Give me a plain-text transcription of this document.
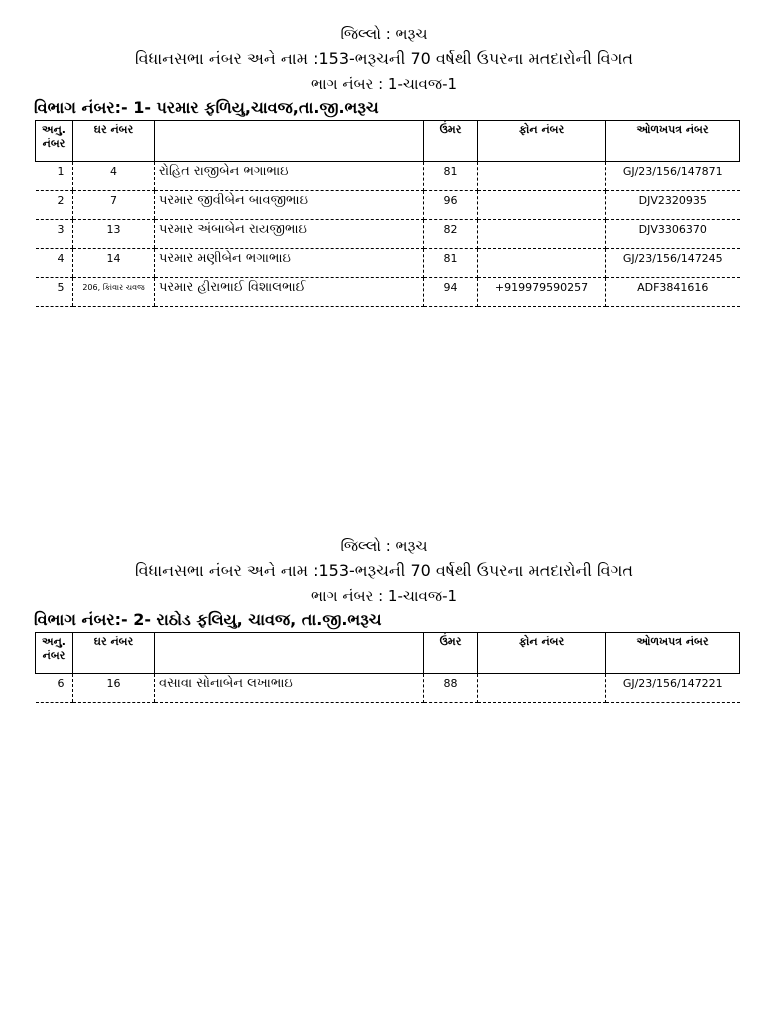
જિલ્લો : ભરૂચ
વિધાનસભા નંબર અને નામ :153-ભરૂચની 70 વર્ષથી ઉપરના મતદારોની વિગત
ભાગ નંબર : 1-ચાવજ-1
વિભાગ નંબર:- 1- પરમાર ફળિયુ,ચાવજ,તા.જી.ભરૂચ
અનુ. નંબર	ઘર નંબર		ઉંમર	ફોન નંબર	ઓળખપત્ર નંબર
1	4	રોહિત રાજીબેન ભગાભાઇ	81		GJ/23/156/147871
2	7	પરમાર જીવીબેન બાવજીભાઇ	96		DJV2320935
3	13	પરમાર અંબાબેન રાયજીભાઇ	82		DJV3306370
4	14	પરમાર મણીબેન ભગાભાઇ	81		GJ/23/156/147245
5	206, કાિંવાર ચવજ	પરમાર હીરાભાઈ વિશાલભાઈ	94	+919979590257	ADF3841616
જિલ્લો : ભરૂચ
વિધાનસભા નંબર અને નામ :153-ભરૂચની 70 વર્ષથી ઉપરના મતદારોની વિગત
ભાગ નંબર : 1-ચાવજ-1
વિભાગ નંબર:- 2- રાઠોડ ફલિયુ, ચાવજ, તા.જી.ભરૂચ
અનુ. નંબર	ઘર નંબર		ઉંમર	ફોન નંબર	ઓળખપત્ર નંબર
6	16	વસાવા સોનાબેન લખાભાઇ	88		GJ/23/156/147221
